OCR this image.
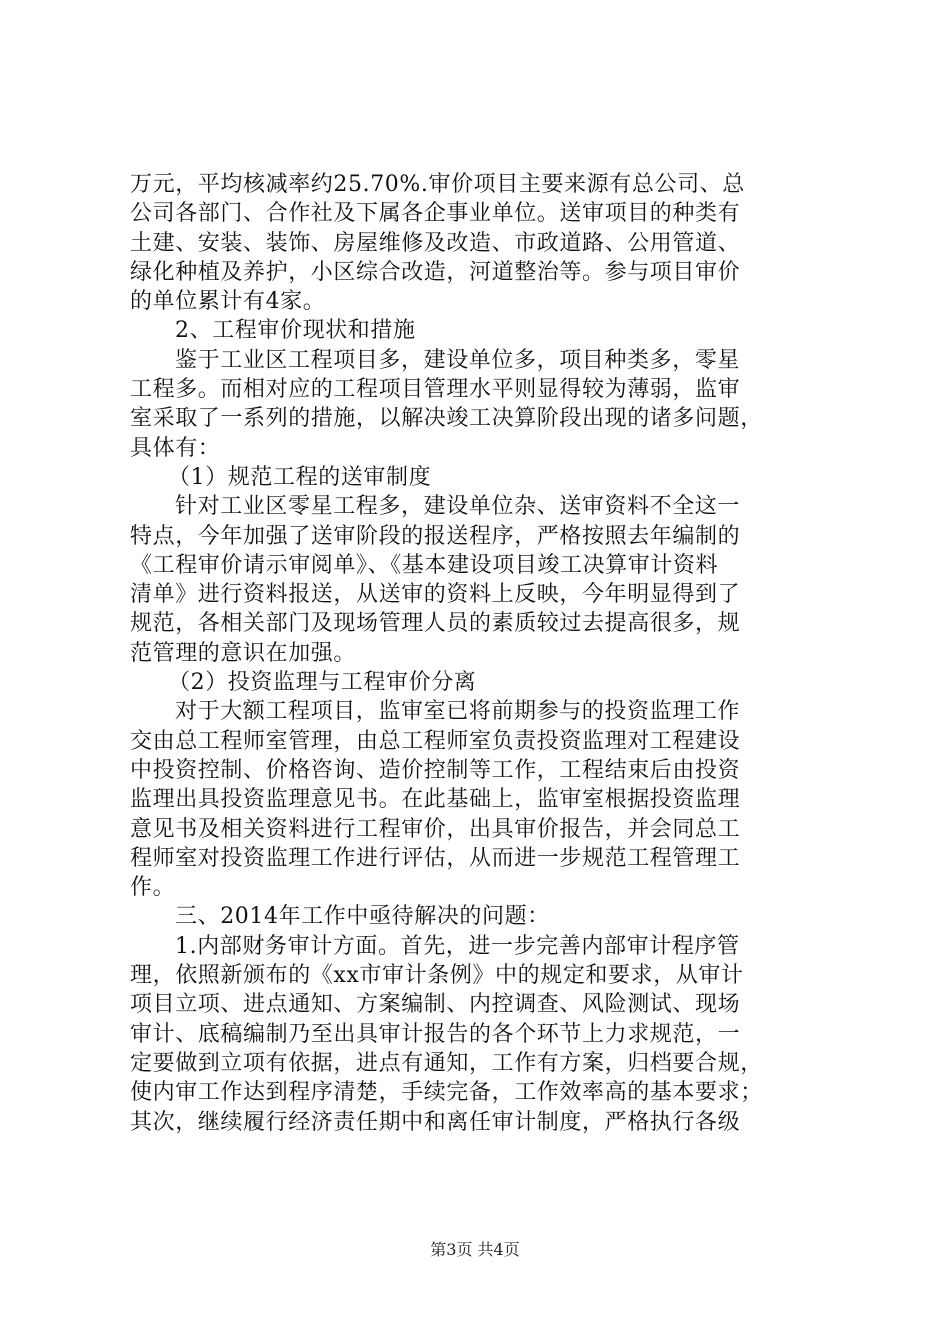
万元，平均核减率约25.70%.审价项目主要来源有总公司、总
公司各部门、合作社及下属各企事业单位。送审项目的种类有
土建、安装、装饰、房屋维修及改造、市政道路、公用管道、
绿化种植及养护，小区综合改造，河道整治等。参与项目审价
的单位累计有4家。
2、工程审价现状和措施
鉴于工业区工程项目多，建设单位多，项目种类多，零星
工程多。而相对应的工程项目管理水平则显得较为薄弱，监审
室采取了一系列的措施，以解决竣工决算阶段出现的诸多问题，
具体有：
（1）规范工程的送审制度
针对工业区零星工程多，建设单位杂、送审资料不全这一
特点，今年加强了送审阶段的报送程序，严格按照去年编制的
《工程审价请示审阅单》、《基本建设项目竣工决算审计资料
清单》进行资料报送，从送审的资料上反映，今年明显得到了
规范，各相关部门及现场管理人员的素质较过去提高很多，规
范管理的意识在加强。
（2）投资监理与工程审价分离
对于大额工程项目，监审室已将前期参与的投资监理工作
交由总工程师室管理，由总工程师室负责投资监理对工程建设
中投资控制、价格咨询、造价控制等工作，工程结束后由投资
监理出具投资监理意见书。在此基础上，监审室根据投资监理
意见书及相关资料进行工程审价，出具审价报告，并会同总工
程师室对投资监理工作进行评估，从而进一步规范工程管理工
作。
三、2014年工作中亟待解决的问题：
1.内部财务审计方面。首先，进一步完善内部审计程序管
理，依照新颁布的《xx市审计条例》中的规定和要求，从审计
项目立项、进点通知、方案编制、内控调查、风险测试、现场
审计、底稿编制乃至出具审计报告的各个环节上力求规范，一
定要做到立项有依据，进点有通知，工作有方案，归档要合规，
使内审工作达到程序清楚，手续完备，工作效率高的基本要求；
其次，继续履行经济责任期中和离任审计制度，严格执行各级
第3页 共4页
